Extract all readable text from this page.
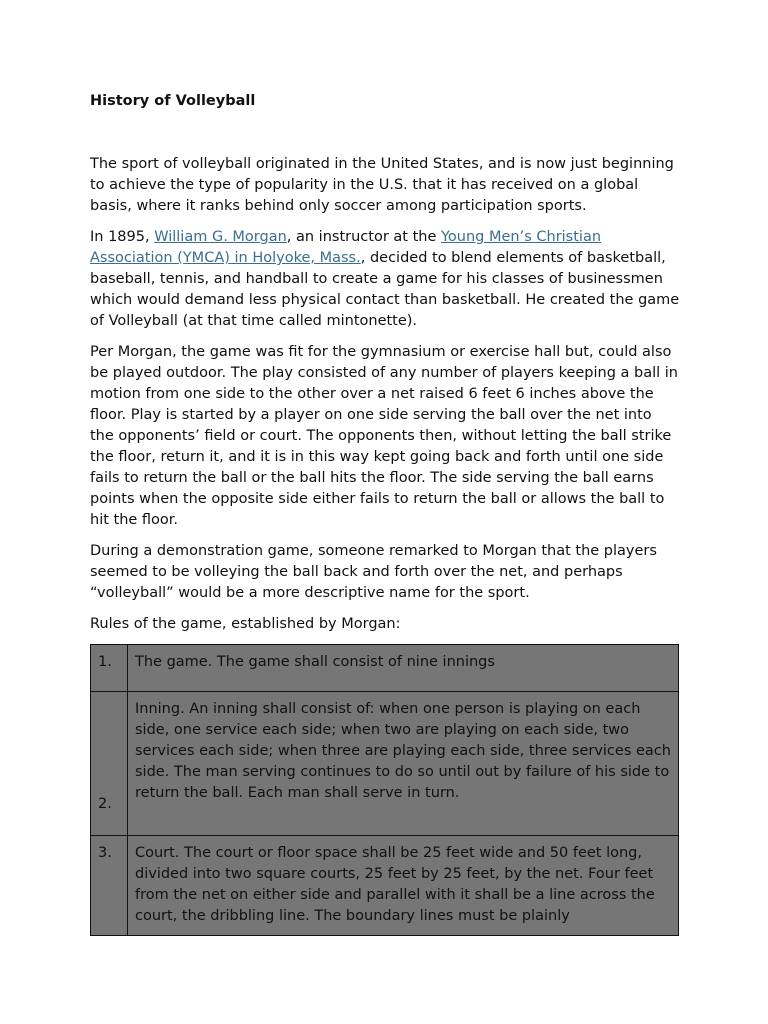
History of Volleyball

The sport of volleyball originated in the United States, and is now just beginning to achieve the type of popularity in the U.S. that it has received on a global basis, where it ranks behind only soccer among participation sports.

In 1895, William G. Morgan, an instructor at the Young Men’s Christian Association (YMCA) in Holyoke, Mass., decided to blend elements of basketball, baseball, tennis, and handball to create a game for his classes of businessmen which would demand less physical contact than basketball. He created the game of Volleyball (at that time called mintonette).

Per Morgan, the game was fit for the gymnasium or exercise hall but, could also be played outdoor. The play consisted of any number of players keeping a ball in motion from one side to the other over a net raised 6 feet 6 inches above the floor. Play is started by a player on one side serving the ball over the net into the opponents’ field or court. The opponents then, without letting the ball strike the floor, return it, and it is in this way kept going back and forth until one side fails to return the ball or the ball hits the floor. The side serving the ball earns points when the opposite side either fails to return the ball or allows the ball to hit the floor.

During a demonstration game, someone remarked to Morgan that the players seemed to be volleying the ball back and forth over the net, and perhaps “volleyball” would be a more descriptive name for the sport.

Rules of the game, established by Morgan:

1.	The game. The game shall consist of nine innings
2.	Inning. An inning shall consist of: when one person is playing on each side, one service each side; when two are playing on each side, two services each side; when three are playing each side, three services each side. The man serving continues to do so until out by failure of his side to return the ball. Each man shall serve in turn.
3.	Court. The court or floor space shall be 25 feet wide and 50 feet long, divided into two square courts, 25 feet by 25 feet, by the net. Four feet from the net on either side and parallel with it shall be a line across the court, the dribbling line. The boundary lines must be plainly
